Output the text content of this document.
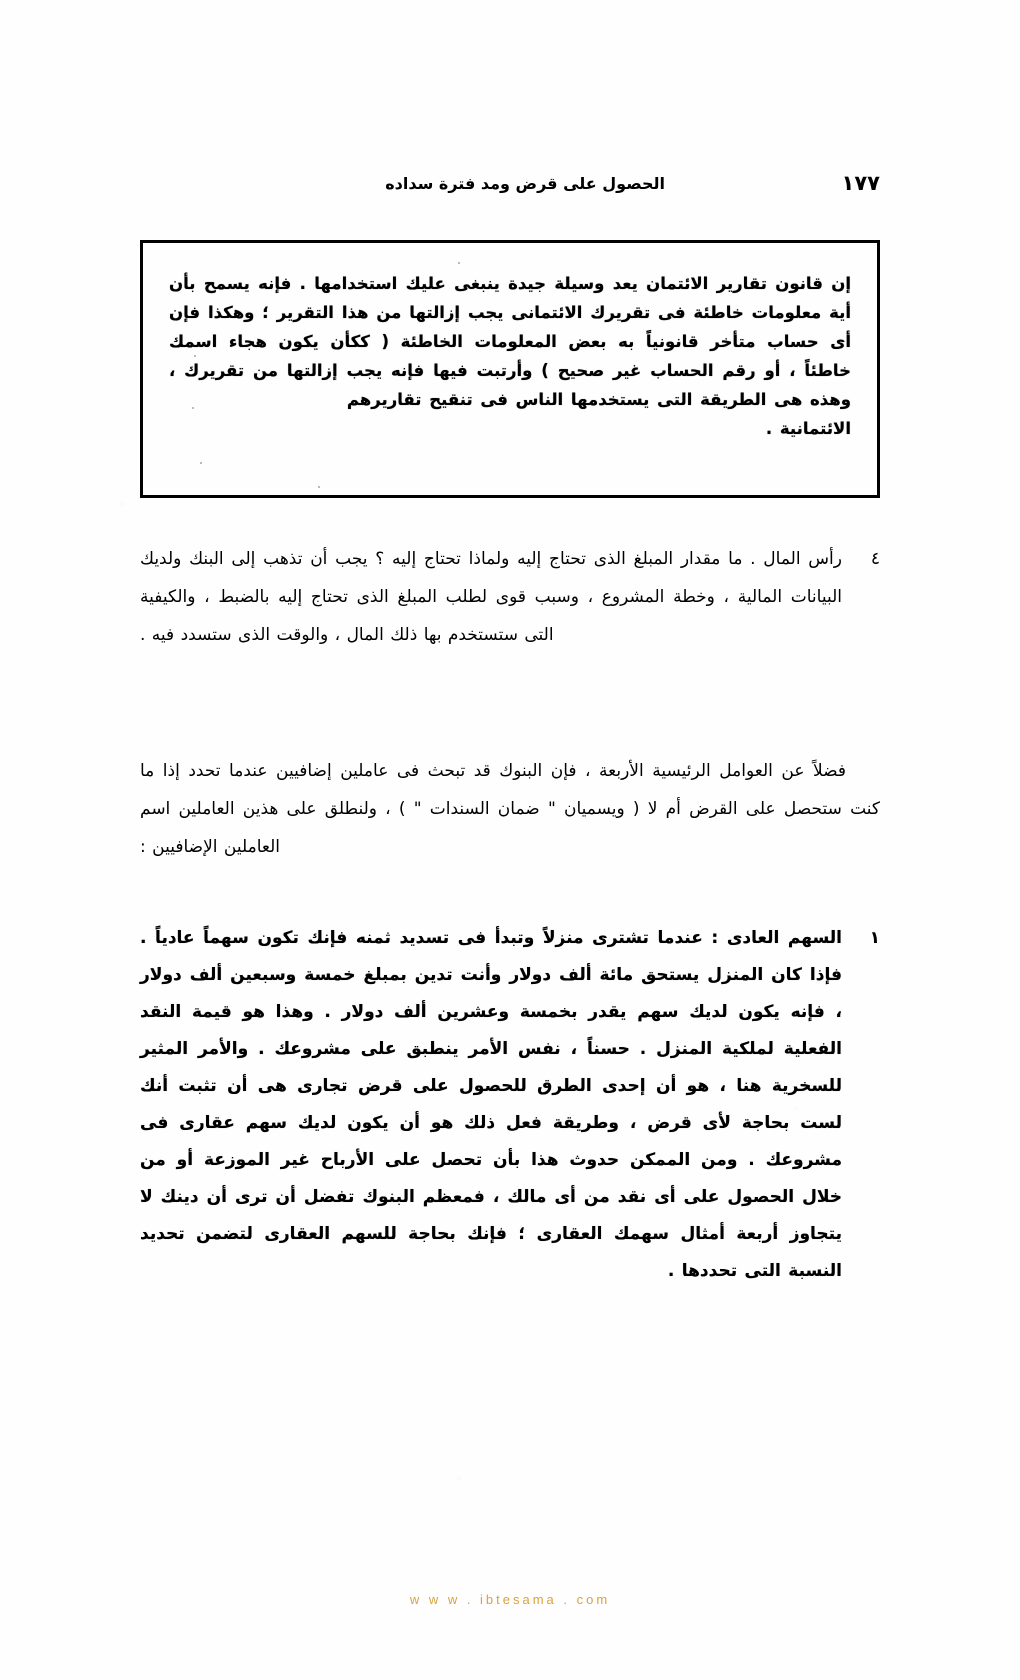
١٧٧
الحصول على قرض ومد فترة سداده
إن قانون تقارير الائتمان يعد وسيلة جيدة ينبغى عليك استخدامها . فإنه يسمح بأن أية معلومات خاطئة فى تقريرك الائتمانى يجب إزالتها من هذا التقرير ؛ وهكذا فإن أى حساب متأخر قانونياً به بعض المعلومات الخاطئة ( ككأن يكون هجاء اسمك خاطئاً ، أو رقم الحساب غير صحيح ) وأرتبت فيها فإنه يجب إزالتها من تقريرك ، وهذه هى الطريقة التى يستخدمها الناس فى تنقيح تقاريرهم
الائتمانية .
٤
رأس المال . ما مقدار المبلغ الذى تحتاج إليه ولماذا تحتاج إليه ؟ يجب أن تذهب إلى البنك ولديك البيانات المالية ، وخطة المشروع ، وسبب قوى لطلب المبلغ الذى تحتاج إليه بالضبط ، والكيفية التى ستستخدم بها ذلك المال ، والوقت الذى ستسدد فيه .
فضلاً عن العوامل الرئيسية الأربعة ، فإن البنوك قد تبحث فى عاملين إضافيين عندما تحدد إذا ما كنت ستحصل على القرض أم لا ( ويسميان " ضمان السندات " ) ، ولنطلق على هذين العاملين اسم العاملين الإضافيين :
١
السهم العادى : عندما تشترى منزلاً وتبدأ فى تسديد ثمنه فإنك تكون سهماً عادياً . فإذا كان المنزل يستحق مائة ألف دولار وأنت تدين بمبلغ خمسة وسبعين ألف دولار ، فإنه يكون لديك سهم يقدر بخمسة وعشرين ألف دولار . وهذا هو قيمة النقد الفعلية لملكية المنزل . حسناً ، نفس الأمر ينطبق على مشروعك . والأمر المثير للسخرية هنا ، هو أن إحدى الطرق للحصول على قرض تجارى هى أن تثبت أنك لست بحاجة لأى قرض ، وطريقة فعل ذلك هو أن يكون لديك سهم عقارى فى مشروعك . ومن الممكن حدوث هذا بأن تحصل على الأرباح غير الموزعة أو من خلال الحصول على أى نقد من أى مالك ، فمعظم البنوك تفضل أن ترى أن دينك لا يتجاوز أربعة أمثال سهمك العقارى ؛ فإنك بحاجة للسهم العقارى لتضمن تحديد النسبة التى تحددها .
w w w . ibtesama . com
